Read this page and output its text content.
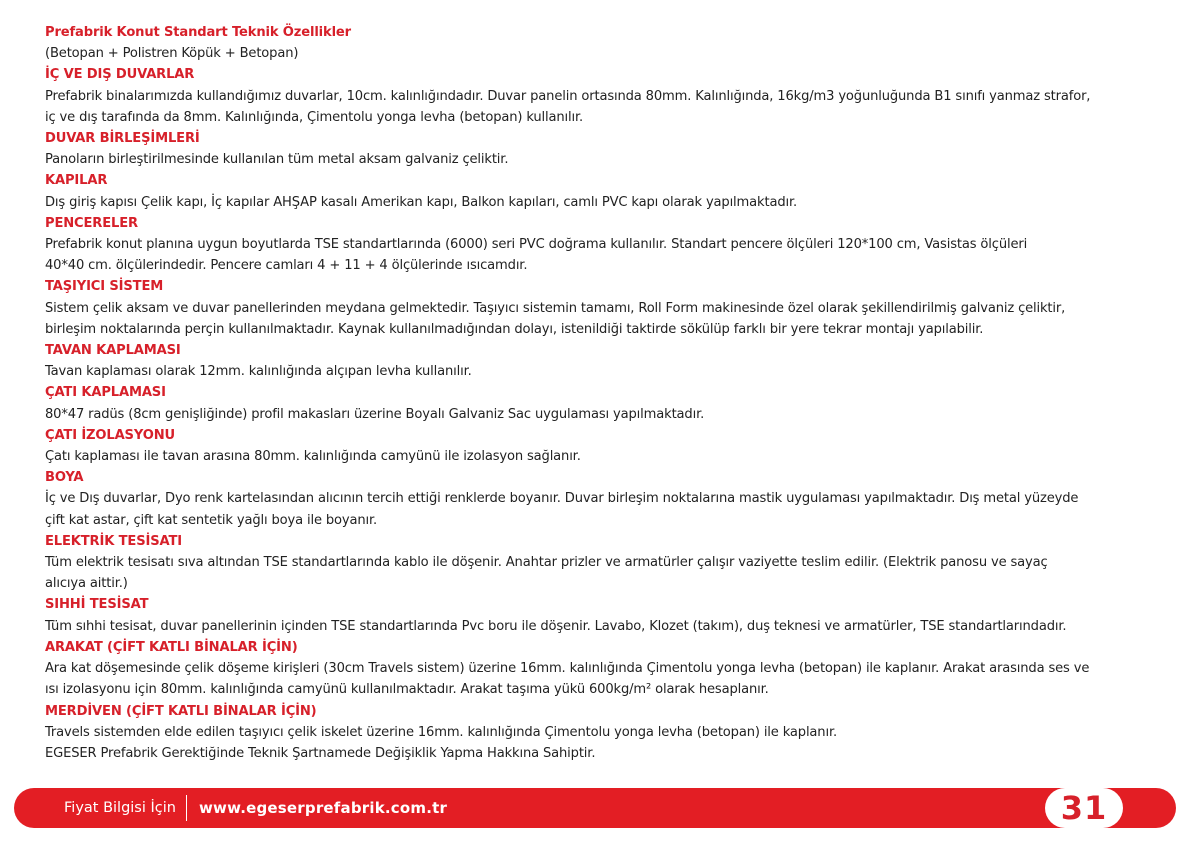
Prefabrik Konut Standart Teknik Özellikler
(Betopan + Polistren Köpük + Betopan)
İÇ VE DIŞ DUVARLAR
Prefabrik binalarımızda kullandığımız duvarlar, 10cm. kalınlığındadır. Duvar panelin ortasında 80mm. Kalınlığında, 16kg/m3 yoğunluğunda B1 sınıfı yanmaz strafor,
iç ve dış tarafında da 8mm. Kalınlığında, Çimentolu yonga levha (betopan) kullanılır.
DUVAR BİRLEŞİMLERİ
Panoların birleştirilmesinde kullanılan tüm metal aksam galvaniz çeliktir.
KAPILAR
Dış giriş kapısı Çelik kapı, İç kapılar AHŞAP kasalı Amerikan kapı, Balkon kapıları, camlı PVC kapı olarak yapılmaktadır.
PENCERELER
Prefabrik konut planına uygun boyutlarda TSE standartlarında (6000) seri PVC doğrama kullanılır. Standart pencere ölçüleri 120*100 cm, Vasistas ölçüleri
40*40 cm. ölçülerindedir. Pencere camları 4 + 11 + 4 ölçülerinde ısıcamdır.
TAŞIYICI SİSTEM
Sistem çelik aksam ve duvar panellerinden meydana gelmektedir. Taşıyıcı sistemin tamamı, Roll Form makinesinde özel olarak şekillendirilmiş galvaniz çeliktir,
birleşim noktalarında perçin kullanılmaktadır. Kaynak kullanılmadığından dolayı, istenildiği taktirde sökülüp farklı bir yere tekrar montajı yapılabilir.
TAVAN KAPLAMASI
Tavan kaplaması olarak 12mm. kalınlığında alçıpan levha kullanılır.
ÇATI KAPLAMASI
80*47 radüs (8cm genişliğinde) profil makasları üzerine Boyalı Galvaniz Sac uygulaması yapılmaktadır.
ÇATI İZOLASYONU
Çatı kaplaması ile tavan arasına 80mm. kalınlığında camyünü ile izolasyon sağlanır.
BOYA
İç ve Dış duvarlar, Dyo renk kartelasından alıcının tercih ettiği renklerde boyanır. Duvar birleşim noktalarına mastik uygulaması yapılmaktadır. Dış metal yüzeyde
çift kat astar, çift kat sentetik yağlı boya ile boyanır.
ELEKTRİK TESİSATI
Tüm elektrik tesisatı sıva altından TSE standartlarında kablo ile döşenir. Anahtar prizler ve armatürler çalışır vaziyette teslim edilir. (Elektrik panosu ve sayaç
alıcıya aittir.)
SIHHİ TESİSAT
Tüm sıhhi tesisat, duvar panellerinin içinden TSE standartlarında Pvc boru ile döşenir. Lavabo, Klozet (takım), duş teknesi ve armatürler, TSE standartlarındadır.
ARAKAT (ÇİFT KATLI BİNALAR İÇİN)
Ara kat döşemesinde çelik döşeme kirişleri (30cm Travels sistem) üzerine 16mm. kalınlığında Çimentolu yonga levha (betopan) ile kaplanır. Arakat arasında ses ve
ısı izolasyonu için 80mm. kalınlığında camyünü kullanılmaktadır. Arakat taşıma yükü 600kg/m² olarak hesaplanır.
MERDİVEN (ÇİFT KATLI BİNALAR İÇİN)
Travels sistemden elde edilen taşıyıcı çelik iskelet üzerine 16mm. kalınlığında Çimentolu yonga levha (betopan) ile kaplanır.
EGESER Prefabrik Gerektiğinde Teknik Şartnamede Değişiklik Yapma Hakkına Sahiptir.
Fiyat Bilgisi İçin www.egeserprefabrik.com.tr	31
